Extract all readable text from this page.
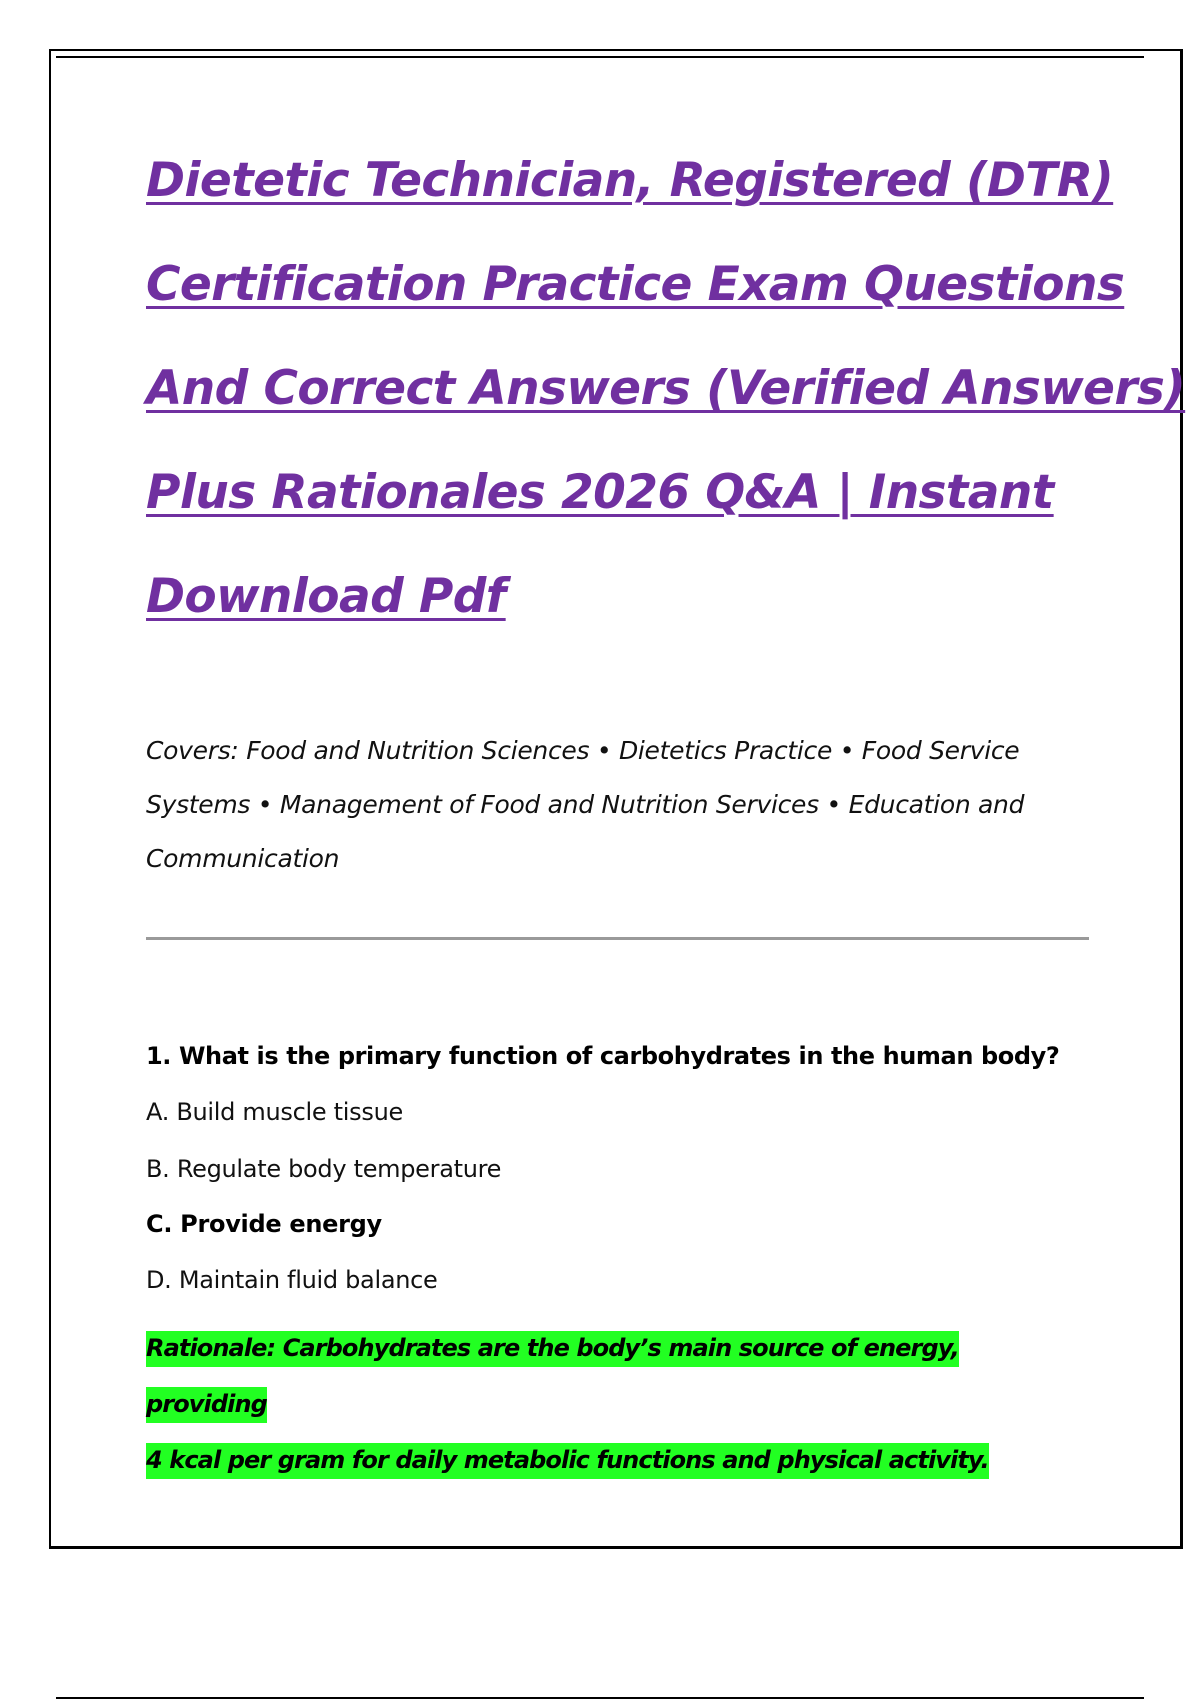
Dietetic Technician, Registered (DTR)
Certification Practice Exam Questions
And Correct Answers (Verified Answers)
Plus Rationales 2026 Q&A | Instant
Download Pdf

Covers: Food and Nutrition Sciences • Dietetics Practice • Food Service
Systems • Management of Food and Nutrition Services • Education and
Communication

1. What is the primary function of carbohydrates in the human body?

A. Build muscle tissue

B. Regulate body temperature

C. Provide energy

D. Maintain fluid balance

Rationale: Carbohydrates are the body’s main source of energy, providing
4 kcal per gram for daily metabolic functions and physical activity.
